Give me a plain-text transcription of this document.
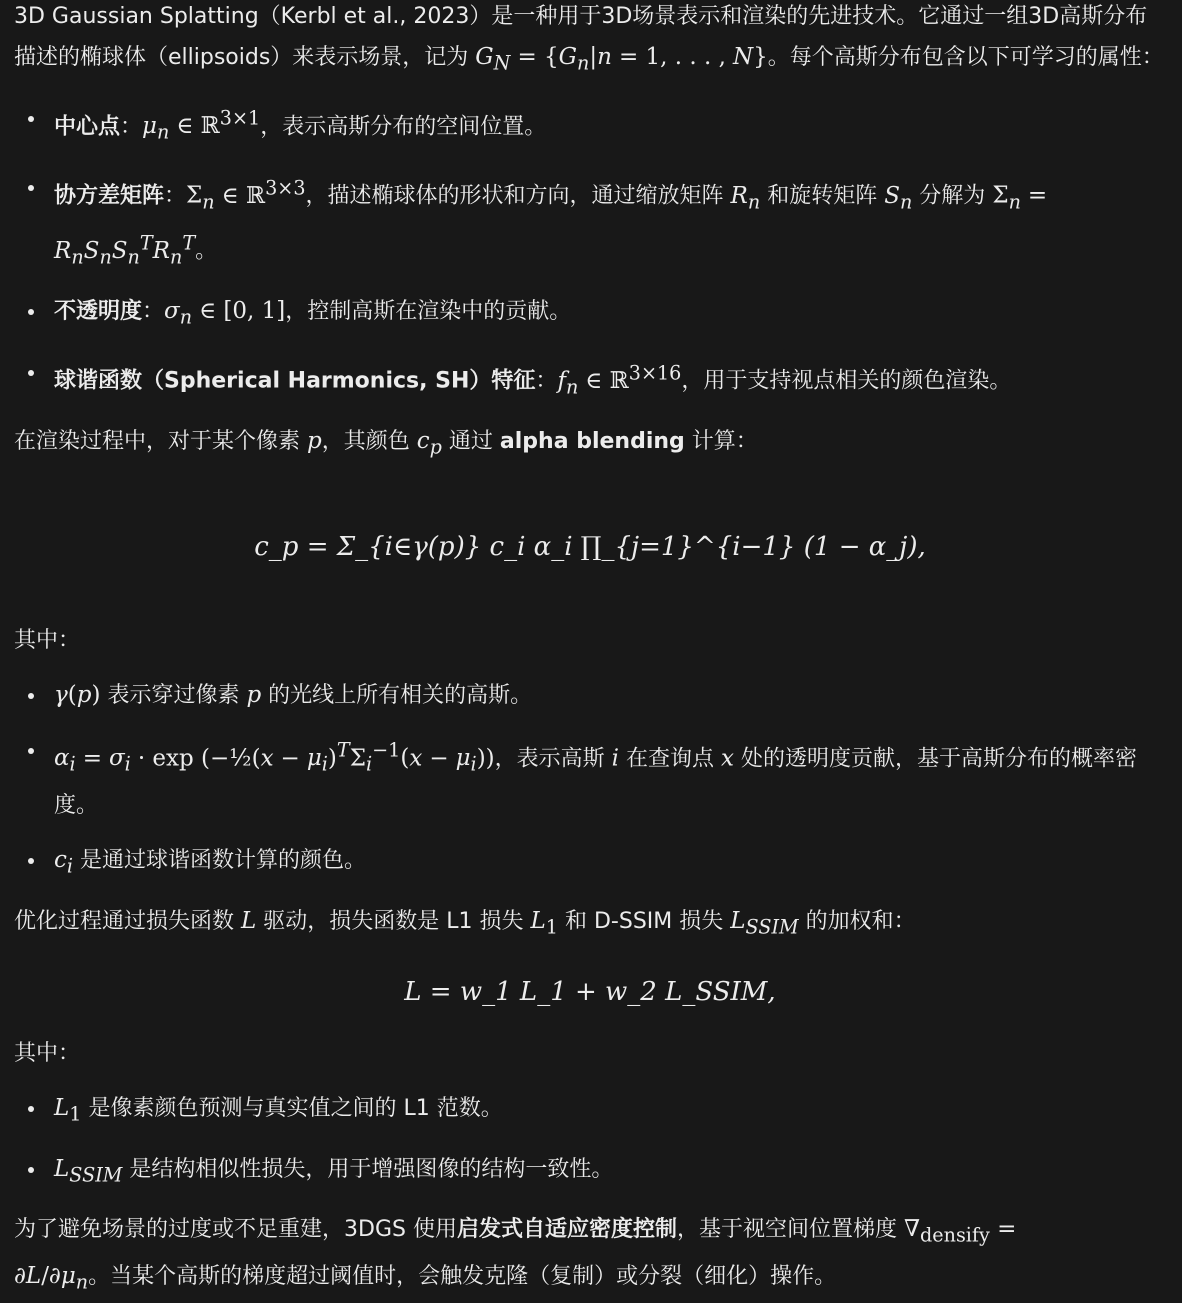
3D Gaussian Splatting（Kerbl et al., 2023）是一种用于3D场景表示和渲染的先进技术。它通过一组3D高斯分布描述的椭球体（ellipsoids）来表示场景，记为 $G_N = \{G_n|n = 1$, . . . , N}。每个高斯分布包含以下可学习的属性：

中心点：$\mu_n$ ∈ ℝ$^{3\times 1}$，表示高斯分布的空间位置。
协方差矩阵：$\Sigma_n$ ∈ ℝ$^{3\times 3}$，描述椭球体的形状和方向，通过缩放矩阵 $R_n$ 和旋转矩阵 $S_n$ 分解为 $\Sigma_n$ =
$R_nS_nS_n^TR_n^T$。
不透明度：$\sigma_n$ ∈ [0, 1]，控制高斯在渲染中的贡献。
球谐函数（Spherical Harmonics, SH）特征：$f_n$ ∈ ℝ$^{3\times 16}$，用于支持视点相关的颜色渲染。

在渲染过程中，对于某个像素 p，其颜色 $c_p$ 通过 alpha blending 计算：

c_p = Σ_{i∈γ(p)} c_i α_i ∏_{j=1}^{i−1} (1 − α_j),

其中：

γ(p) 表示穿过像素 p 的光线上所有相关的高斯。
$\alpha_i = \sigma_i \cdot \exp$ (−½(x − $\mu_i)^T\Sigma_i^{-1}(x - \mu_i)$)，表示高斯 i 在查询点 x 处的透明度贡献，基于高斯分布的概率密度。
$c_i$ 是通过球谐函数计算的颜色。

优化过程通过损失函数 L 驱动，损失函数是 L1 损失 $L_1$ 和 D-SSIM 损失 $L_{SSIM}$ 的加权和：

L = w_1 L_1 + w_2 L_SSIM,

其中：

$L_1$ 是像素颜色预测与真实值之间的 L1 范数。
$L_{SSIM}$ 是结构相似性损失，用于增强图像的结构一致性。

为了避免场景的过度或不足重建，3DGS 使用启发式自适应密度控制，基于视空间位置梯度 $\nabla_{densify}$ =
$\partial L/\partial\mu_n$。当某个高斯的梯度超过阈值时，会触发克隆（复制）或分裂（细化）操作。
